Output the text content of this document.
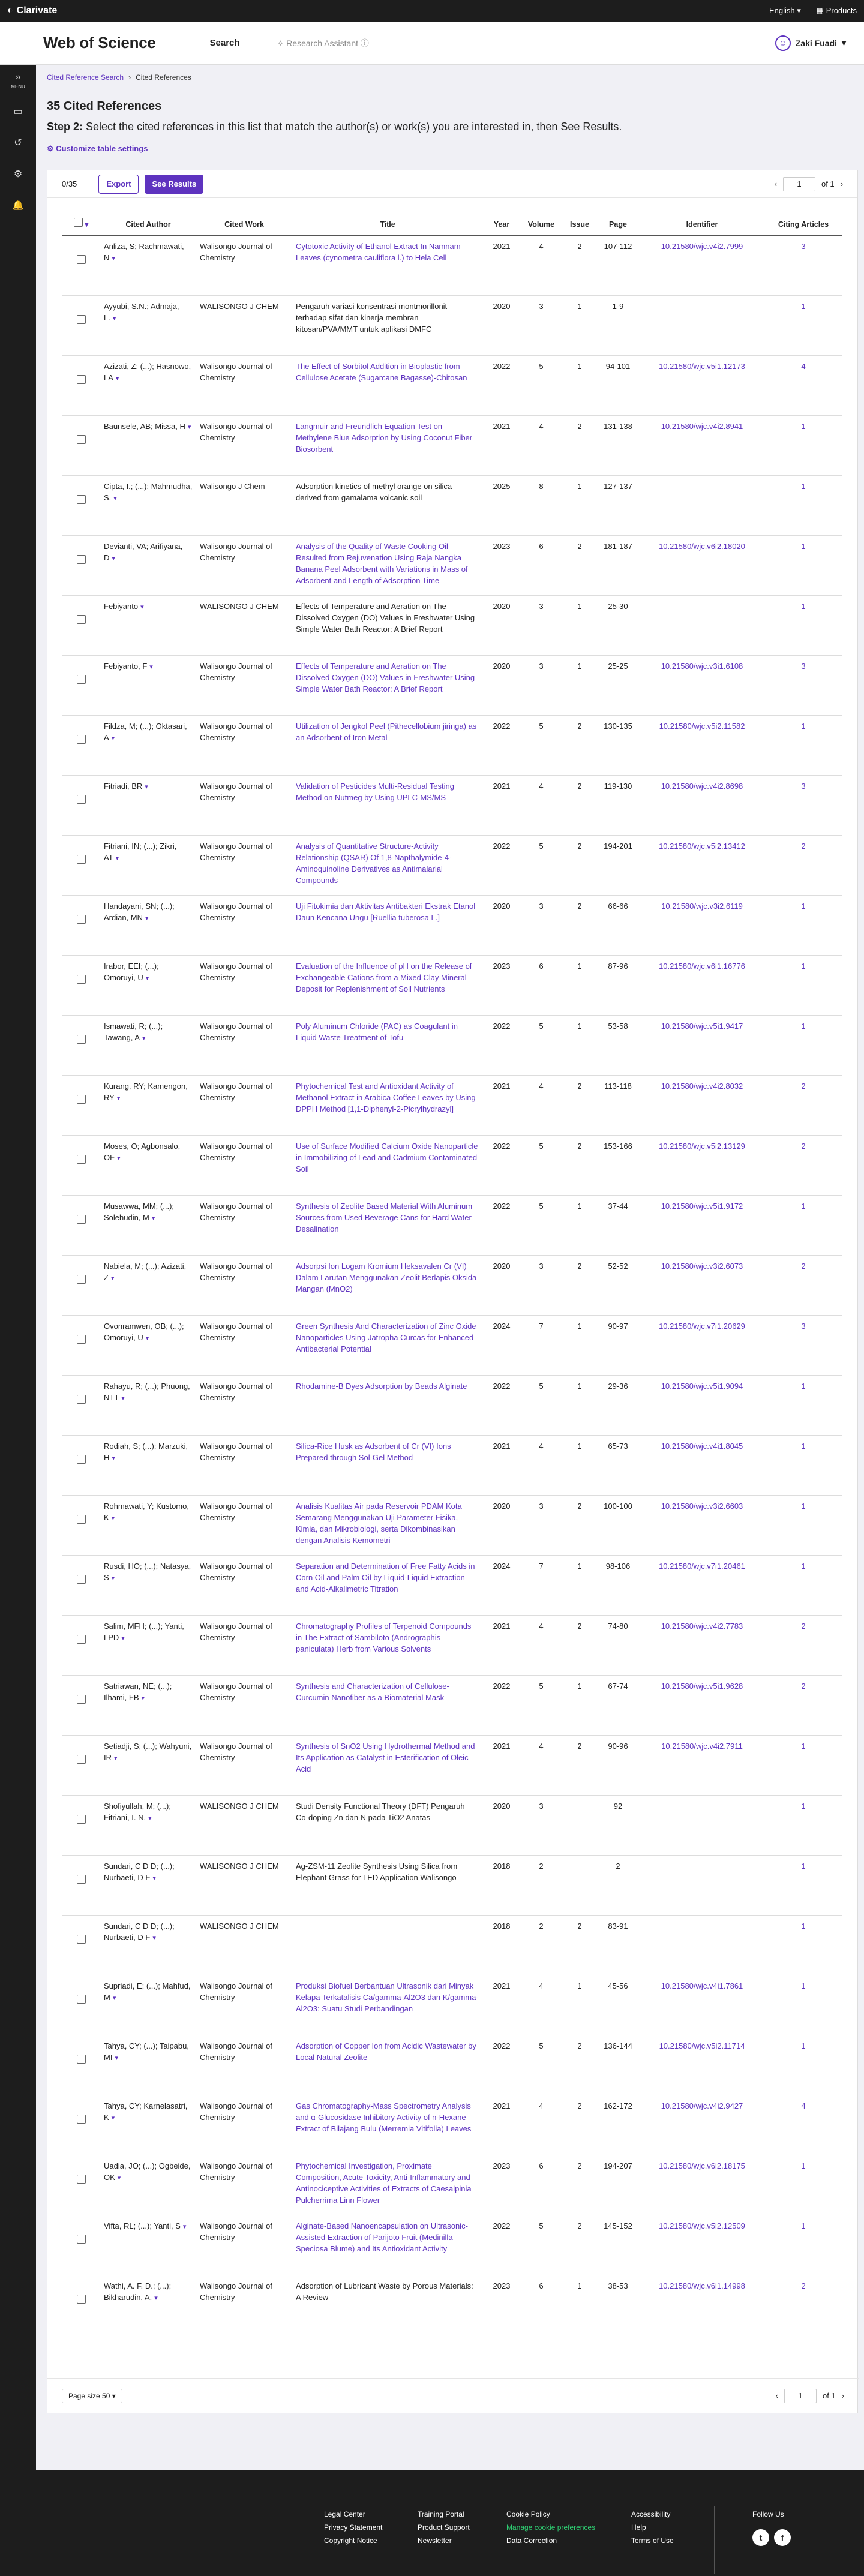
◐ Clarivate	English ▾ ▦ Products
Web of Science	Search	✧ Research Assistant ⓘ	☺	Zaki Fuadi ▾
»
MENU
▭
↺
⚙
🔔
Cited Reference Search › Cited References
35 Cited References
Step 2: Select the cited references in this list that match the author(s) or work(s) you are interested in, then See Results.
⚙ Customize table settings
0/35	Export	See Results	‹	1	of 1 ›
▾	Cited Author	Cited Work	Title	Year	Volume	Issue	Page	Identifier	Citing Articles
	Anliza, S; Rachmawati, N ▾	Walisongo Journal of Chemistry	Cytotoxic Activity of Ethanol Extract In Namnam Leaves (cynometra cauliflora l.) to Hela Cell	2021	4	2	107-112	10.21580/wjc.v4i2.7999	3
	Ayyubi, S.N.; Admaja, L. ▾	WALISONGO J CHEM	Pengaruh variasi konsentrasi montmorillonit terhadap sifat dan kinerja membran kitosan/PVA/MMT untuk aplikasi DMFC	2020	3	1	1-9		1
	Azizati, Z; (...); Hasnowo, LA ▾	Walisongo Journal of Chemistry	The Effect of Sorbitol Addition in Bioplastic from Cellulose Acetate (Sugarcane Bagasse)-Chitosan	2022	5	1	94-101	10.21580/wjc.v5i1.12173	4
	Baunsele, AB; Missa, H ▾	Walisongo Journal of Chemistry	Langmuir and Freundlich Equation Test on Methylene Blue Adsorption by Using Coconut Fiber Biosorbent	2021	4	2	131-138	10.21580/wjc.v4i2.8941	1
	Cipta, I.; (...); Mahmudha, S. ▾	Walisongo J Chem	Adsorption kinetics of methyl orange on silica derived from gamalama volcanic soil	2025	8	1	127-137		1
	Devianti, VA; Arifiyana, D ▾	Walisongo Journal of Chemistry	Analysis of the Quality of Waste Cooking Oil Resulted from Rejuvenation Using Raja Nangka Banana Peel Adsorbent with Variations in Mass of Adsorbent and Length of Adsorption Time	2023	6	2	181-187	10.21580/wjc.v6i2.18020	1
	Febiyanto ▾	WALISONGO J CHEM	Effects of Temperature and Aeration on The Dissolved Oxygen (DO) Values in Freshwater Using Simple Water Bath Reactor: A Brief Report	2020	3	1	25-30		1
	Febiyanto, F ▾	Walisongo Journal of Chemistry	Effects of Temperature and Aeration on The Dissolved Oxygen (DO) Values in Freshwater Using Simple Water Bath Reactor: A Brief Report	2020	3	1	25-25	10.21580/wjc.v3i1.6108	3
	Fildza, M; (...); Oktasari, A ▾	Walisongo Journal of Chemistry	Utilization of Jengkol Peel (Pithecellobium jiringa) as an Adsorbent of Iron Metal	2022	5	2	130-135	10.21580/wjc.v5i2.11582	1
	Fitriadi, BR ▾	Walisongo Journal of Chemistry	Validation of Pesticides Multi-Residual Testing Method on Nutmeg by Using UPLC-MS/MS	2021	4	2	119-130	10.21580/wjc.v4i2.8698	3
	Fitriani, IN; (...); Zikri, AT ▾	Walisongo Journal of Chemistry	Analysis of Quantitative Structure-Activity Relationship (QSAR) Of 1,8-Napthalymide-4-Aminoquinoline Derivatives as Antimalarial Compounds	2022	5	2	194-201	10.21580/wjc.v5i2.13412	2
	Handayani, SN; (...); Ardian, MN ▾	Walisongo Journal of Chemistry	Uji Fitokimia dan Aktivitas Antibakteri Ekstrak Etanol Daun Kencana Ungu [Ruellia tuberosa L.]	2020	3	2	66-66	10.21580/wjc.v3i2.6119	1
	Irabor, EEI; (...); Omoruyi, U ▾	Walisongo Journal of Chemistry	Evaluation of the Influence of pH on the Release of Exchangeable Cations from a Mixed Clay Mineral Deposit for Replenishment of Soil Nutrients	2023	6	1	87-96	10.21580/wjc.v6i1.16776	1
	Ismawati, R; (...); Tawang, A ▾	Walisongo Journal of Chemistry	Poly Aluminum Chloride (PAC) as Coagulant in Liquid Waste Treatment of Tofu	2022	5	1	53-58	10.21580/wjc.v5i1.9417	1
	Kurang, RY; Kamengon, RY ▾	Walisongo Journal of Chemistry	Phytochemical Test and Antioxidant Activity of Methanol Extract in Arabica Coffee Leaves by Using DPPH Method [1,1-Diphenyl-2-Picrylhydrazyl]	2021	4	2	113-118	10.21580/wjc.v4i2.8032	2
	Moses, O; Agbonsalo, OF ▾	Walisongo Journal of Chemistry	Use of Surface Modified Calcium Oxide Nanoparticle in Immobilizing of Lead and Cadmium Contaminated Soil	2022	5	2	153-166	10.21580/wjc.v5i2.13129	2
	Musawwa, MM; (...); Solehudin, M ▾	Walisongo Journal of Chemistry	Synthesis of Zeolite Based Material With Aluminum Sources from Used Beverage Cans for Hard Water Desalination	2022	5	1	37-44	10.21580/wjc.v5i1.9172	1
	Nabiela, M; (...); Azizati, Z ▾	Walisongo Journal of Chemistry	Adsorpsi Ion Logam Kromium Heksavalen Cr (VI) Dalam Larutan Menggunakan Zeolit Berlapis Oksida Mangan (MnO2)	2020	3	2	52-52	10.21580/wjc.v3i2.6073	2
	Ovonramwen, OB; (...); Omoruyi, U ▾	Walisongo Journal of Chemistry	Green Synthesis And Characterization of Zinc Oxide Nanoparticles Using Jatropha Curcas for Enhanced Antibacterial Potential	2024	7	1	90-97	10.21580/wjc.v7i1.20629	3
	Rahayu, R; (...); Phuong, NTT ▾	Walisongo Journal of Chemistry	Rhodamine-B Dyes Adsorption by Beads Alginate	2022	5	1	29-36	10.21580/wjc.v5i1.9094	1
	Rodiah, S; (...); Marzuki, H ▾	Walisongo Journal of Chemistry	Silica-Rice Husk as Adsorbent of Cr (VI) Ions Prepared through Sol-Gel Method	2021	4	1	65-73	10.21580/wjc.v4i1.8045	1
	Rohmawati, Y; Kustomo, K ▾	Walisongo Journal of Chemistry	Analisis Kualitas Air pada Reservoir PDAM Kota Semarang Menggunakan Uji Parameter Fisika, Kimia, dan Mikrobiologi, serta Dikombinasikan dengan Analisis Kemometri	2020	3	2	100-100	10.21580/wjc.v3i2.6603	1
	Rusdi, HO; (...); Natasya, S ▾	Walisongo Journal of Chemistry	Separation and Determination of Free Fatty Acids in Corn Oil and Palm Oil by Liquid-Liquid Extraction and Acid-Alkalimetric Titration	2024	7	1	98-106	10.21580/wjc.v7i1.20461	1
	Salim, MFH; (...); Yanti, LPD ▾	Walisongo Journal of Chemistry	Chromatography Profiles of Terpenoid Compounds in The Extract of Sambiloto (Andrographis paniculata) Herb from Various Solvents	2021	4	2	74-80	10.21580/wjc.v4i2.7783	2
	Satriawan, NE; (...); Ilhami, FB ▾	Walisongo Journal of Chemistry	Synthesis and Characterization of Cellulose-Curcumin Nanofiber as a Biomaterial Mask	2022	5	1	67-74	10.21580/wjc.v5i1.9628	2
	Setiadji, S; (...); Wahyuni, IR ▾	Walisongo Journal of Chemistry	Synthesis of SnO2 Using Hydrothermal Method and Its Application as Catalyst in Esterification of Oleic Acid	2021	4	2	90-96	10.21580/wjc.v4i2.7911	1
	Shofiyullah, M; (...); Fitriani, I. N. ▾	WALISONGO J CHEM	Studi Density Functional Theory (DFT) Pengaruh Co-doping Zn dan N pada TiO2 Anatas	2020	3		92		1
	Sundari, C D D; (...); Nurbaeti, D F ▾	WALISONGO J CHEM	Ag-ZSM-11 Zeolite Synthesis Using Silica from Elephant Grass for LED Application Walisongo	2018	2		2		1
	Sundari, C D D; (...); Nurbaeti, D F ▾	WALISONGO J CHEM		2018	2	2	83-91		1
	Supriadi, E; (...); Mahfud, M ▾	Walisongo Journal of Chemistry	Produksi Biofuel Berbantuan Ultrasonik dari Minyak Kelapa Terkatalisis Ca/gamma-Al2O3 dan K/gamma-Al2O3: Suatu Studi Perbandingan	2021	4	1	45-56	10.21580/wjc.v4i1.7861	1
	Tahya, CY; (...); Taipabu, MI ▾	Walisongo Journal of Chemistry	Adsorption of Copper Ion from Acidic Wastewater by Local Natural Zeolite	2022	5	2	136-144	10.21580/wjc.v5i2.11714	1
	Tahya, CY; Karnelasatri, K ▾	Walisongo Journal of Chemistry	Gas Chromatography-Mass Spectrometry Analysis and α-Glucosidase Inhibitory Activity of n-Hexane Extract of Bilajang Bulu (Merremia Vitifolia) Leaves	2021	4	2	162-172	10.21580/wjc.v4i2.9427	4
	Uadia, JO; (...); Ogbeide, OK ▾	Walisongo Journal of Chemistry	Phytochemical Investigation, Proximate Composition, Acute Toxicity, Anti-Inflammatory and Antinociceptive Activities of Extracts of Caesalpinia Pulcherrima Linn Flower	2023	6	2	194-207	10.21580/wjc.v6i2.18175	1
	Vifta, RL; (...); Yanti, S ▾	Walisongo Journal of Chemistry	Alginate-Based Nanoencapsulation on Ultrasonic-Assisted Extraction of Parijoto Fruit (Medinilla Speciosa Blume) and Its Antioxidant Activity	2022	5	2	145-152	10.21580/wjc.v5i2.12509	1
	Wathi, A. F. D.; (...); Bikharudin, A. ▾	Walisongo Journal of Chemistry	Adsorption of Lubricant Waste by Porous Materials: A Review	2023	6	1	38-53	10.21580/wjc.v6i1.14998	2
Page size 50 ▾	‹	1	of 1 ›
Legal Center
Privacy Statement
Copyright Notice
Training Portal
Product Support
Newsletter
Cookie Policy
Manage cookie preferences
Data Correction
Accessibility
Help
Terms of Use
Follow Us
t	f
